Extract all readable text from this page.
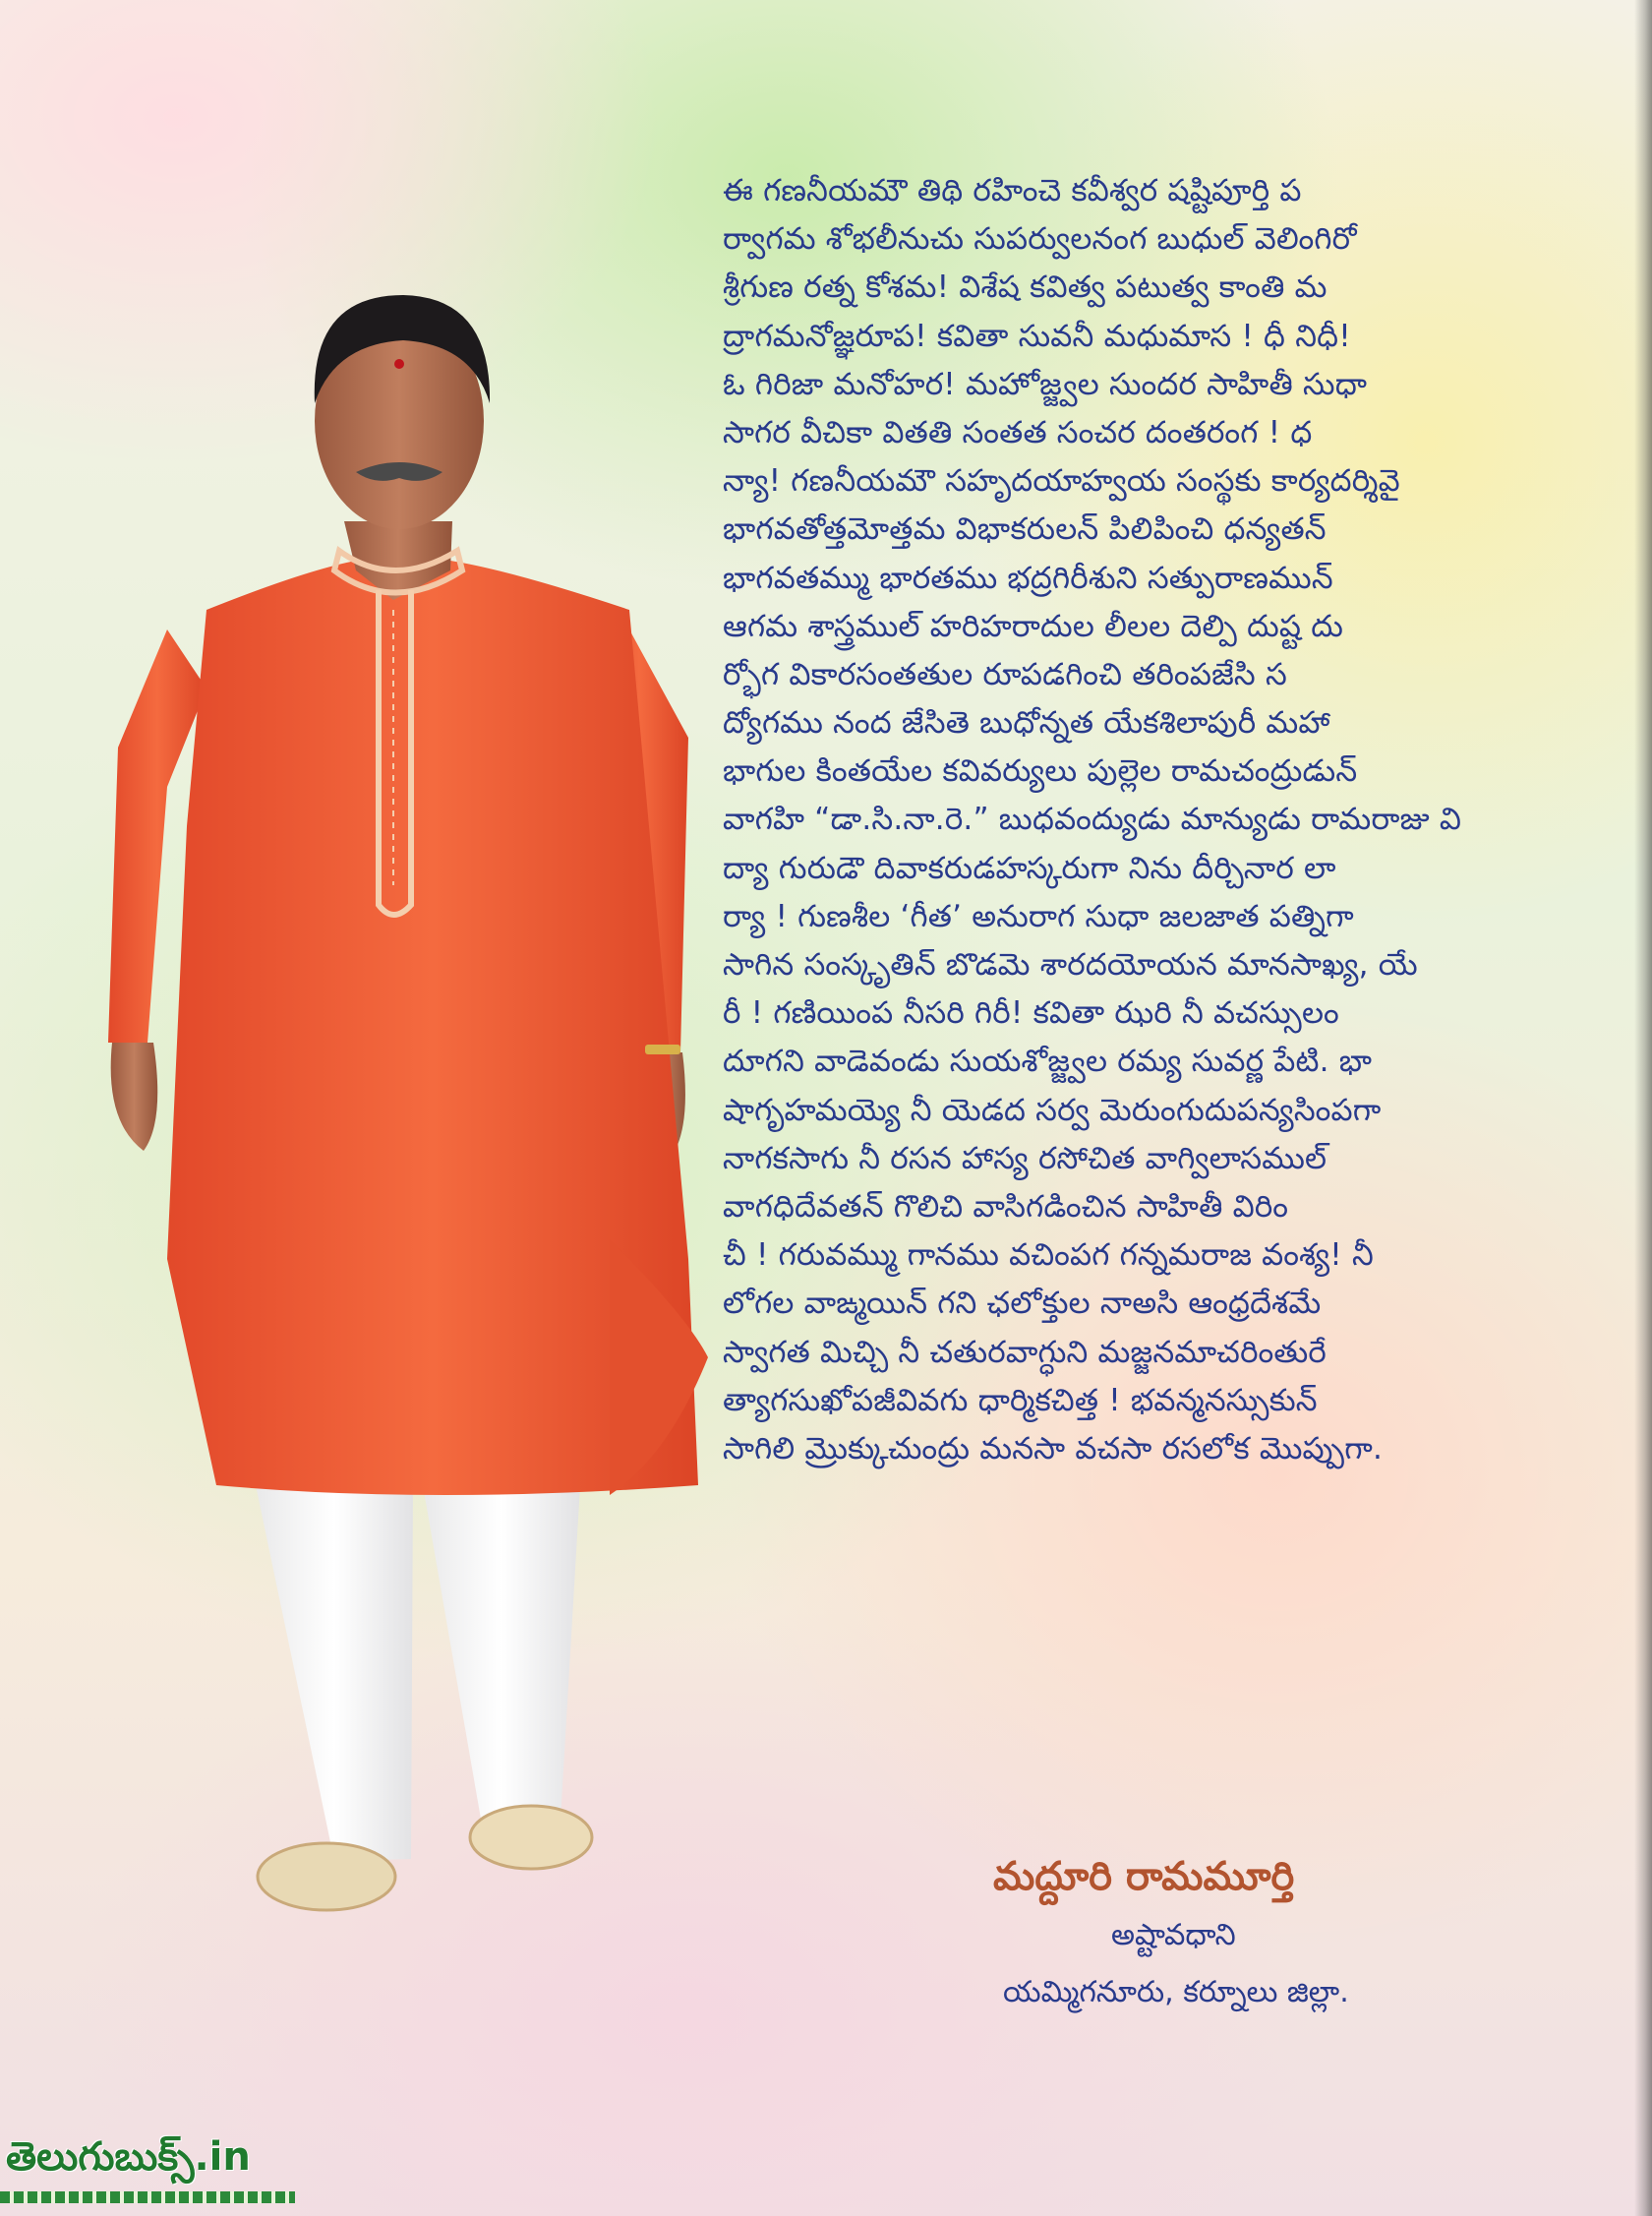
ఈ గణనీయమౌ తిథి రహించె కవీశ్వర షష్టిపూర్తి ప
ర్వాగమ శోభలీనుచు సుపర్వులనంగ బుధుల్ వెలింగిరో
శ్రీగుణ రత్న కోశమ! విశేష కవిత్వ పటుత్వ కాంతి మ
ద్రాగమనోజ్ఞరూప! కవితా సువనీ మధుమాస ! ధీ నిధీ!
ఓ గిరిజా మనోహర! మహోజ్జ్వల సుందర సాహితీ సుధా
సాగర వీచికా వితతి సంతత సంచర దంతరంగ ! ధ
న్యా! గణనీయమౌ సహృదయాహ్వయ సంస్థకు కార్యదర్శివై
భాగవతోత్తమోత్తమ విభాకరులన్ పిలిపించి ధన్యతన్
భాగవతమ్ము భారతము భద్రగిరీశుని సత్పురాణమున్
ఆగమ శాస్త్రముల్ హరిహరాదుల లీలల దెల్పి దుష్ట దు
ర్భోగ వికారసంతతుల రూపడగించి తరింపజేసి స
ద్యోగము నంద జేసితె బుధోన్నత యేకశిలాపురీ మహా
భాగుల కింతయేల కవివర్యులు పుల్లెల రామచంద్రుడున్
వాగహి “డా.సి.నా.రె.” బుధవంద్యుడు మాన్యుడు రామరాజు వి
ద్యా గురుడౌ దివాకరుడహస్కరుగా నిను దీర్చినార లా
ర్యా ! గుణశీల ‘గీత’ అనురాగ సుధా జలజాత పత్నిగా
సాగిన సంస్కృతిన్ బొడమె శారదయోయన మానసాఖ్య, యే
రీ ! గణియింప నీసరి గిరీ! కవితా ఝరి నీ వచస్సులం
దూగని వాడెవండు సుయశోజ్జ్వల రమ్య సువర్ణ పేటి. భా
షాగృహమయ్యె నీ యెడద సర్వ మెరుంగుదుపన్యసింపగా
నాగకసాగు నీ రసన హాస్య రసోచిత వాగ్విలాసముల్
వాగధిదేవతన్ గొలిచి వాసిగడించిన సాహితీ విరిం
చీ ! గరువమ్ము గానము వచింపగ గన్నమరాజ వంశ్య! నీ
లోగల వాఙ్మయిన్ గని ఛలోక్తుల నాఅసి ఆంధ్రదేశమే
స్వాగత మిచ్చి నీ చతురవాగ్ధుని మజ్జనమాచరింతురే
త్యాగసుఖోపజీవివగు ధార్మికచిత్త ! భవన్మనస్సుకున్
సాగిలి మ్రొక్కుచుంద్రు మనసా వచసా రసలోక మొప్పుగా.
మద్దూరి రామమూర్తి
అష్టావధాని
యమ్మిగనూరు, కర్నూలు జిల్లా.
తెలుగుబుక్స్.in
